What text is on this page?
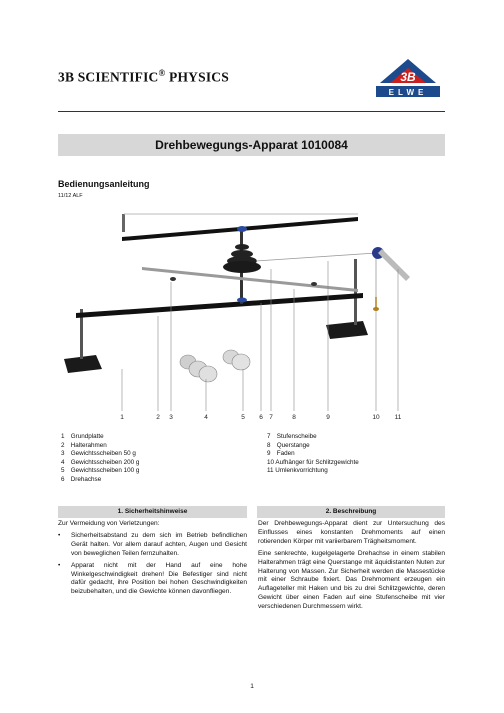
3B SCIENTIFIC® PHYSICS	3B
ELWE
Drehbewegungs-Apparat 1010084
Bedienungsanleitung
11/12 ALF
1	2 3	4	5 6 7	8	9	10 11
1 Grundplatte
2 Halterahmen
3 Gewichtsscheiben 50 g
4 Gewichtsscheiben 200 g
5 Gewichtsscheiben 100 g
6 Drehachse
7 Stufenscheibe
8 Querstange
9 Faden
10 Aufhänger für Schlitzgewichte
11 Umlenkvorrichtung
1. Sicherheitshinweise	2. Beschreibung

Zur Vermeidung von Verletzungen:

•	Sicherheitsabstand zu dem sich im Betrieb befindlichen Gerät halten. Vor allem darauf achten, Augen und Gesicht von beweglichen Teilen fernzuhalten.
•	Apparat nicht mit der Hand auf eine hohe Winkelgeschwindigkeit drehen! Die Befestiger sind nicht dafür gedacht, ihre Position bei hohen Geschwindigkeiten beizubehalten, und die Gewichte können davonfliegen.

Der Drehbewegungs-Apparat dient zur Untersuchung des Einflusses eines konstanten Drehmoments auf einen rotierenden Körper mit variierbarem Trägheitsmoment.

Eine senkrechte, kugelgelagerte Drehachse in einem stabilen Halterahmen trägt eine Querstange mit äquidistanten Nuten zur Halterung von Massen. Zur Sicherheit werden die Massestücke mit einer Schraube fixiert. Das Drehmoment erzeugen ein Auflageteller mit Haken und bis zu drei Schlitzgewichte, deren Gewicht über einen Faden auf eine Stufenscheibe mit vier verschiedenen Durchmessern wirkt.

1
